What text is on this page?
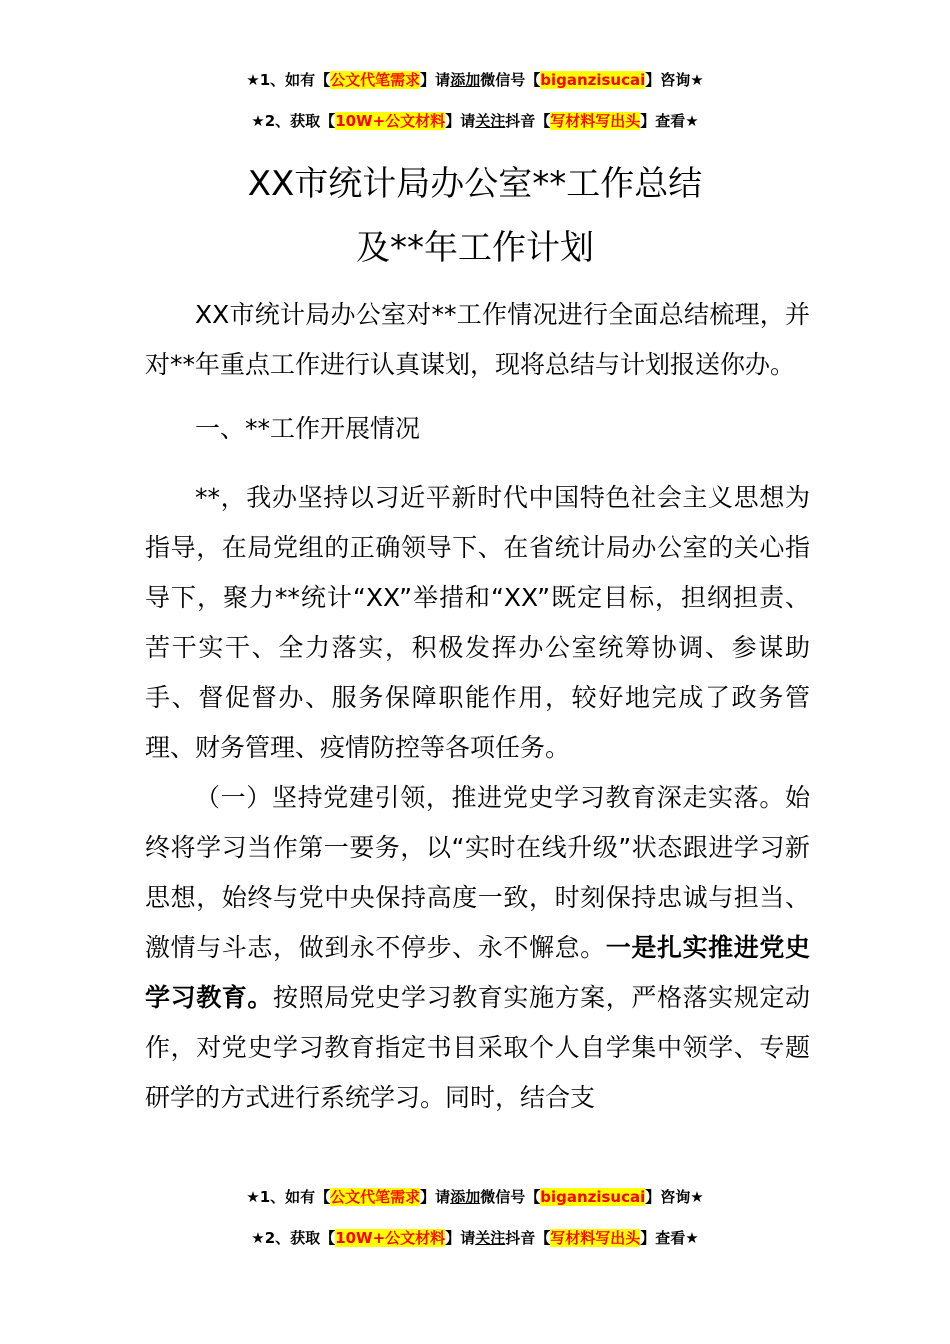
★1、如有【公文代笔需求】请添加微信号【biganzisucai】咨询★
★2、获取【10W+公文材料】请关注抖音【写材料写出头】查看★
XX市统计局办公室**工作总结
及**年工作计划

XX市统计局办公室对**工作情况进行全面总结梳理，并对**年重点工作进行认真谋划，现将总结与计划报送你办。

一、**工作开展情况

**，我办坚持以习近平新时代中国特色社会主义思想为指导，在局党组的正确领导下、在省统计局办公室的关心指导下，聚力**统计“XX”举措和“XX”既定目标，担纲担责、苦干实干、全力落实，积极发挥办公室统筹协调、参谋助手、督促督办、服务保障职能作用，较好地完成了政务管理、财务管理、疫情防控等各项任务。

（一）坚持党建引领，推进党史学习教育深走实落。始终将学习当作第一要务，以“实时在线升级”状态跟进学习新思想，始终与党中央保持高度一致，时刻保持忠诚与担当、激情与斗志，做到永不停步、永不懈怠。一是扎实推进党史学习教育。按照局党史学习教育实施方案，严格落实规定动作，对党史学习教育指定书目采取个人自学集中领学、专题研学的方式进行系统学习。同时，结合支

★1、如有【公文代笔需求】请添加微信号【biganzisucai】咨询★
★2、获取【10W+公文材料】请关注抖音【写材料写出头】查看★
